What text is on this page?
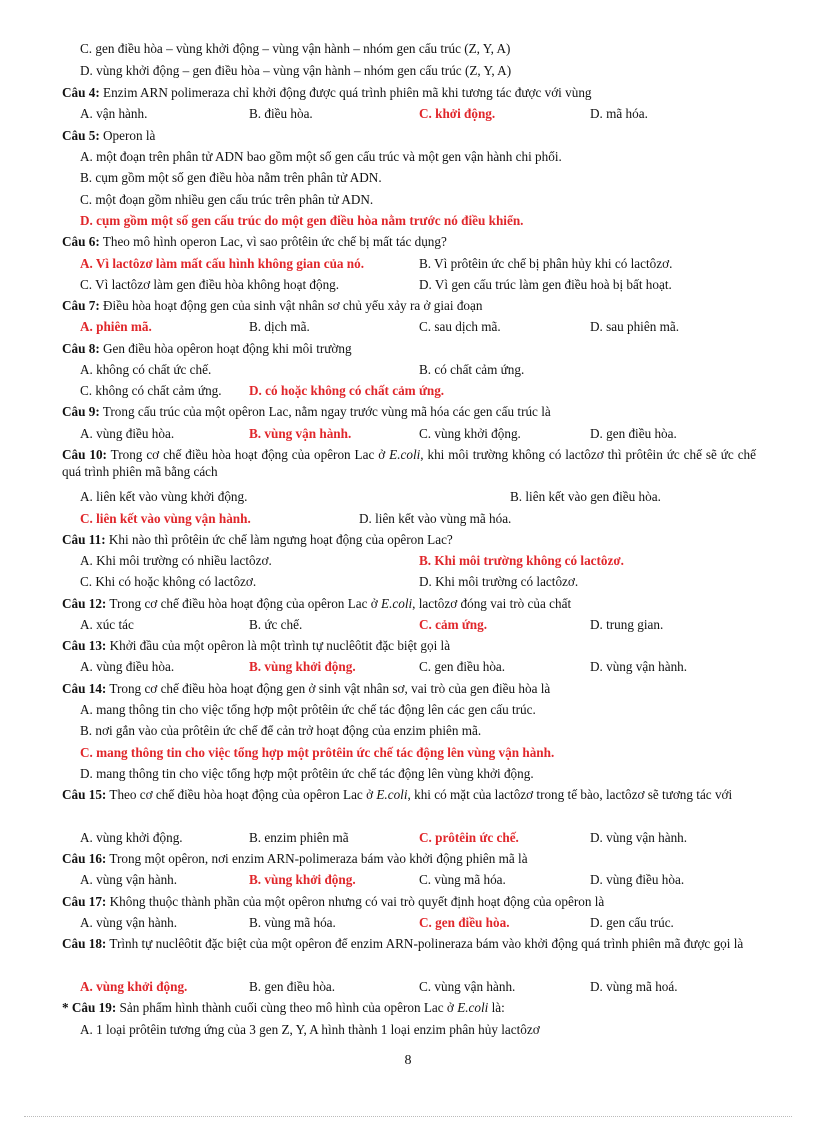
C. gen điều hòa – vùng khởi động – vùng vận hành – nhóm gen cấu trúc (Z, Y, A)
D. vùng khởi động – gen điều hòa – vùng vận hành – nhóm gen cấu trúc (Z, Y, A)
Câu 4: Enzim ARN polimeraza chỉ khởi động được quá trình phiên mã khi tương tác được với vùng
A. vận hành.	B. điều hòa.	C. khởi động.	D. mã hóa.
Câu 5: Operon là
A. một đoạn trên phân tử ADN bao gồm một số gen cấu trúc và một gen vận hành chi phối.
B. cụm gồm một số gen điều hòa nằm trên phân tử ADN.
C. một đoạn gồm nhiều gen cấu trúc trên phân tử ADN.
D. cụm gồm một số gen cấu trúc do một gen điều hòa nằm trước nó điều khiển.
Câu 6: Theo mô hình operon Lac, vì sao prôtêin ức chế bị mất tác dụng?
A. Vì lactôzơ làm mất cấu hình không gian của nó.	B. Vì prôtêin ức chế bị phân hủy khi có lactôzơ.
C. Vì lactôzơ làm gen điều hòa không hoạt động.	D. Vì gen cấu trúc làm gen điều hoà bị bất hoạt.
Câu 7: Điều hòa hoạt động gen của sinh vật nhân sơ chủ yếu xảy ra ở giai đoạn
A. phiên mã.	B. dịch mã.	C. sau dịch mã.	D. sau phiên mã.
Câu 8: Gen điều hòa opêron hoạt động khi môi trường
A. không có chất ức chế.	B. có chất cảm ứng.
C. không có chất cảm ứng. D. có hoặc không có chất cảm ứng.
Câu 9: Trong cấu trúc của một opêron Lac, nằm ngay trước vùng mã hóa các gen cấu trúc là
A. vùng điều hòa.	B. vùng vận hành.	C. vùng khởi động.	D. gen điều hòa.
Câu 10: Trong cơ chế điều hòa hoạt động của opêron Lac ở E.coli, khi môi trường không có lactôzơ thì prôtêin ức chế sẽ ức chế quá trình phiên mã bằng cách
A. liên kết vào vùng khởi động.	B. liên kết vào gen điều hòa.
C. liên kết vào vùng vận hành.	D. liên kết vào vùng mã hóa.
Câu 11: Khi nào thì prôtêin ức chế làm ngưng hoạt động của opêron Lac?
A. Khi môi trường có nhiều lactôzơ.	B. Khi môi trường không có lactôzơ.
C. Khi có hoặc không có lactôzơ.	D. Khi môi trường có lactôzơ.
Câu 12: Trong cơ chế điều hòa hoạt động của opêron Lac ở E.coli, lactôzơ đóng vai trò của chất
A. xúc tác	B. ức chế.	C. cảm ứng.	D. trung gian.
Câu 13: Khởi đầu của một opêron là một trình tự nuclêôtit đặc biệt gọi là
A. vùng điều hòa.	B. vùng khởi động.	C. gen điều hòa.	D. vùng vận hành.
Câu 14: Trong cơ chế điều hòa hoạt động gen ở sinh vật nhân sơ, vai trò của gen điều hòa là
A. mang thông tin cho việc tổng hợp một prôtêin ức chế tác động lên các gen cấu trúc.
B. nơi gắn vào của prôtêin ức chế để cản trở hoạt động của enzim phiên mã.
C. mang thông tin cho việc tổng hợp một prôtêin ức chế tác động lên vùng vận hành.
D. mang thông tin cho việc tổng hợp một prôtêin ức chế tác động lên vùng khởi động.
Câu 15: Theo cơ chế điều hòa hoạt động của opêron Lac ở E.coli, khi có mặt của lactôzơ trong tế bào, lactôzơ sẽ tương tác với
A. vùng khởi động.	B. enzim phiên mã	C. prôtêin ức chế.	D. vùng vận hành.
Câu 16: Trong một opêron, nơi enzim ARN-polimeraza bám vào khởi động phiên mã là
A. vùng vận hành.	B. vùng khởi động.	C. vùng mã hóa.	D. vùng điều hòa.
Câu 17: Không thuộc thành phần của một opêron nhưng có vai trò quyết định hoạt động của opêron là
A. vùng vận hành.	B. vùng mã hóa.	C. gen điều hòa.	D. gen cấu trúc.
Câu 18: Trình tự nuclêôtit đặc biệt của một opêron để enzim ARN-polineraza bám vào khởi động quá trình phiên mã được gọi là
A. vùng khởi động.	B. gen điều hòa.	C. vùng vận hành.	D. vùng mã hoá.
* Câu 19: Sản phẩm hình thành cuối cùng theo mô hình của opêron Lac ở E.coli là:
A. 1 loại prôtêin tương ứng của 3 gen Z, Y, A hình thành 1 loại enzim phân hủy lactôzơ
8
